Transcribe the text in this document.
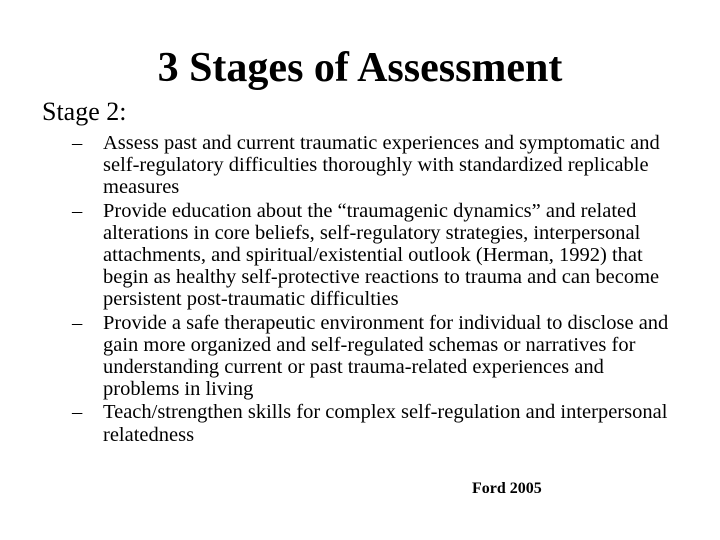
3 Stages of Assessment
Stage 2:
– Assess past and current traumatic experiences and symptomatic and self-regulatory difficulties thoroughly with standardized replicable measures
– Provide education about the “traumagenic dynamics” and related alterations in core beliefs, self-regulatory strategies, interpersonal attachments, and spiritual/existential outlook (Herman, 1992) that begin as healthy self-protective reactions to trauma and can become persistent post-traumatic difficulties
– Provide a safe therapeutic environment for individual to disclose and gain more organized and self-regulated schemas or narratives for understanding current or past trauma-related experiences and problems in living
– Teach/strengthen skills for complex self-regulation and interpersonal relatedness
Ford 2005
